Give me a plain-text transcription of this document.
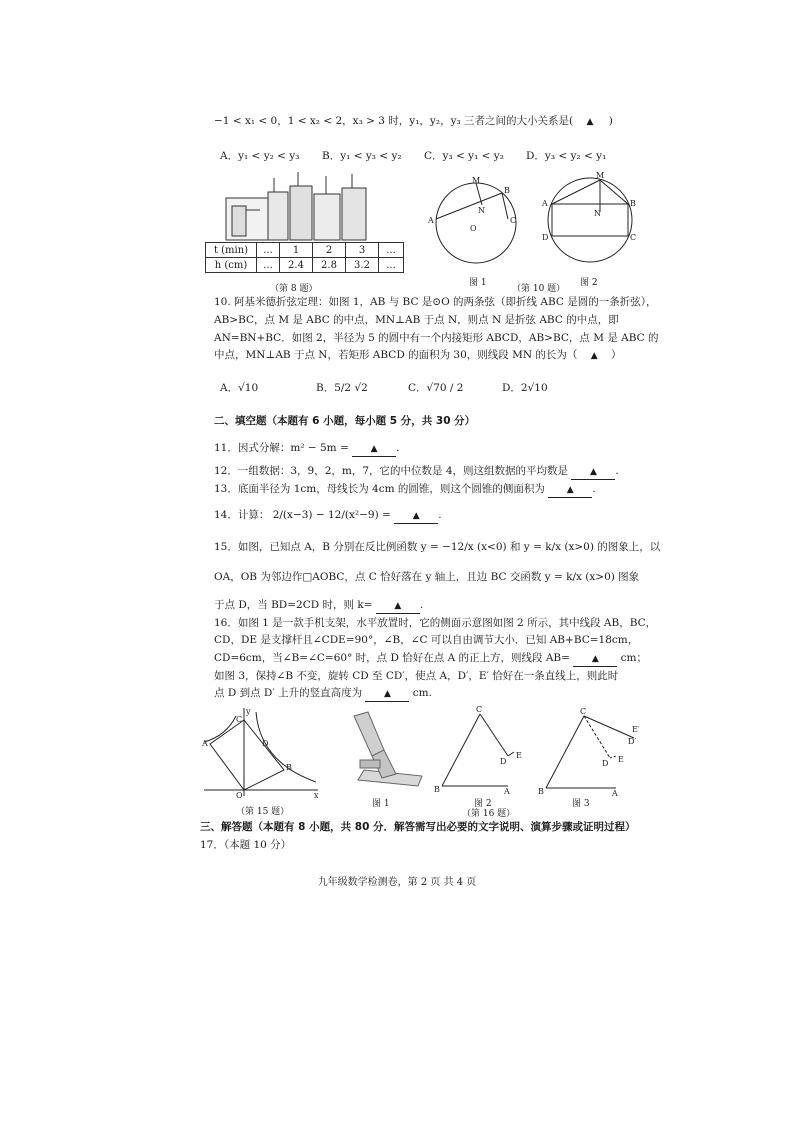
−1 < x₁ < 0，1 < x₂ < 2，x₃ > 3 时，y₁，y₂，y₃ 三者之间的大小关系是( ▲ )
A．y₁ < y₂ < y₃ B．y₁ < y₃ < y₂ C．y₃ < y₁ < y₂ D．y₃ < y₂ < y₁
t (min)	...	1	2	3	...
h (cm)	...	2.4	2.8	3.2	...
（第 8 题）
M
B
A
N
O
C
M
A	B
N
D	C
图 1
（第 10 题）
图 2
10. 阿基米德折弦定理：如图 1，AB 与 BC 是⊙O 的两条弦（即折线 ABC 是圆的一条折弦），
AB>BC，点 M 是 ABC 的中点，MN⊥AB 于点 N，则点 N 是折弦 ABC 的中点，即
AN=BN+BC．如图 2，半径为 5 的圆中有一个内接矩形 ABCD，AB>BC，点 M 是 ABC 的
中点，MN⊥AB 于点 N，若矩形 ABCD 的面积为 30，则线段 MN 的长为（ ▲ ）
A．√10	B．5/2 √2	C．√70 / 2	D．2√10
二、填空题（本题有 6 小题，每小题 5 分，共 30 分）
11．因式分解：m² − 5m = ▲ .
12．一组数据：3，9，2，m，7，它的中位数是 4，则这组数据的平均数是 ▲ .
13．底面半径为 1cm，母线长为 4cm 的圆锥，则这个圆锥的侧面积为 ▲ .
14．计算： 2/(x−3) − 12/(x²−9) = ▲ .
15．如图，已知点 A，B 分别在反比例函数 y = −12/x (x<0) 和 y = k/x (x>0) 的图象上，以
OA，OB 为邻边作□AOBC，点 C 恰好落在 y 轴上，且边 BC 交函数 y = k/x (x>0) 图象
于点 D，当 BD=2CD 时，则 k= ▲ .
16．如图 1 是一款手机支架，水平放置时，它的侧面示意图如图 2 所示，其中线段 AB，BC，
CD，DE 是支撑杆且∠CDE=90°，∠B，∠C 可以自由调节大小．已知 AB+BC=18cm，
CD=6cm，当∠B=∠C=60° 时，点 D 恰好在点 A 的正上方，则线段 AB= ▲ cm；
如图 3，保持∠B 不变，旋转 CD 至 CD′，使点 A，D′，E′ 恰好在一条直线上，则此时
点 D 到点 D′ 上升的竖直高度为 ▲ cm.
y
C
A	D
B
O	x
（第 15 题）
图 1
C
D
E
B	A
图 2
（第 16 题）
C
E′
D′
D E
B	A
图 3
三、解答题（本题有 8 小题，共 80 分．解答需写出必要的文字说明、演算步骤或证明过程）
17．（本题 10 分）
九年级数学检测卷，第 2 页 共 4 页
